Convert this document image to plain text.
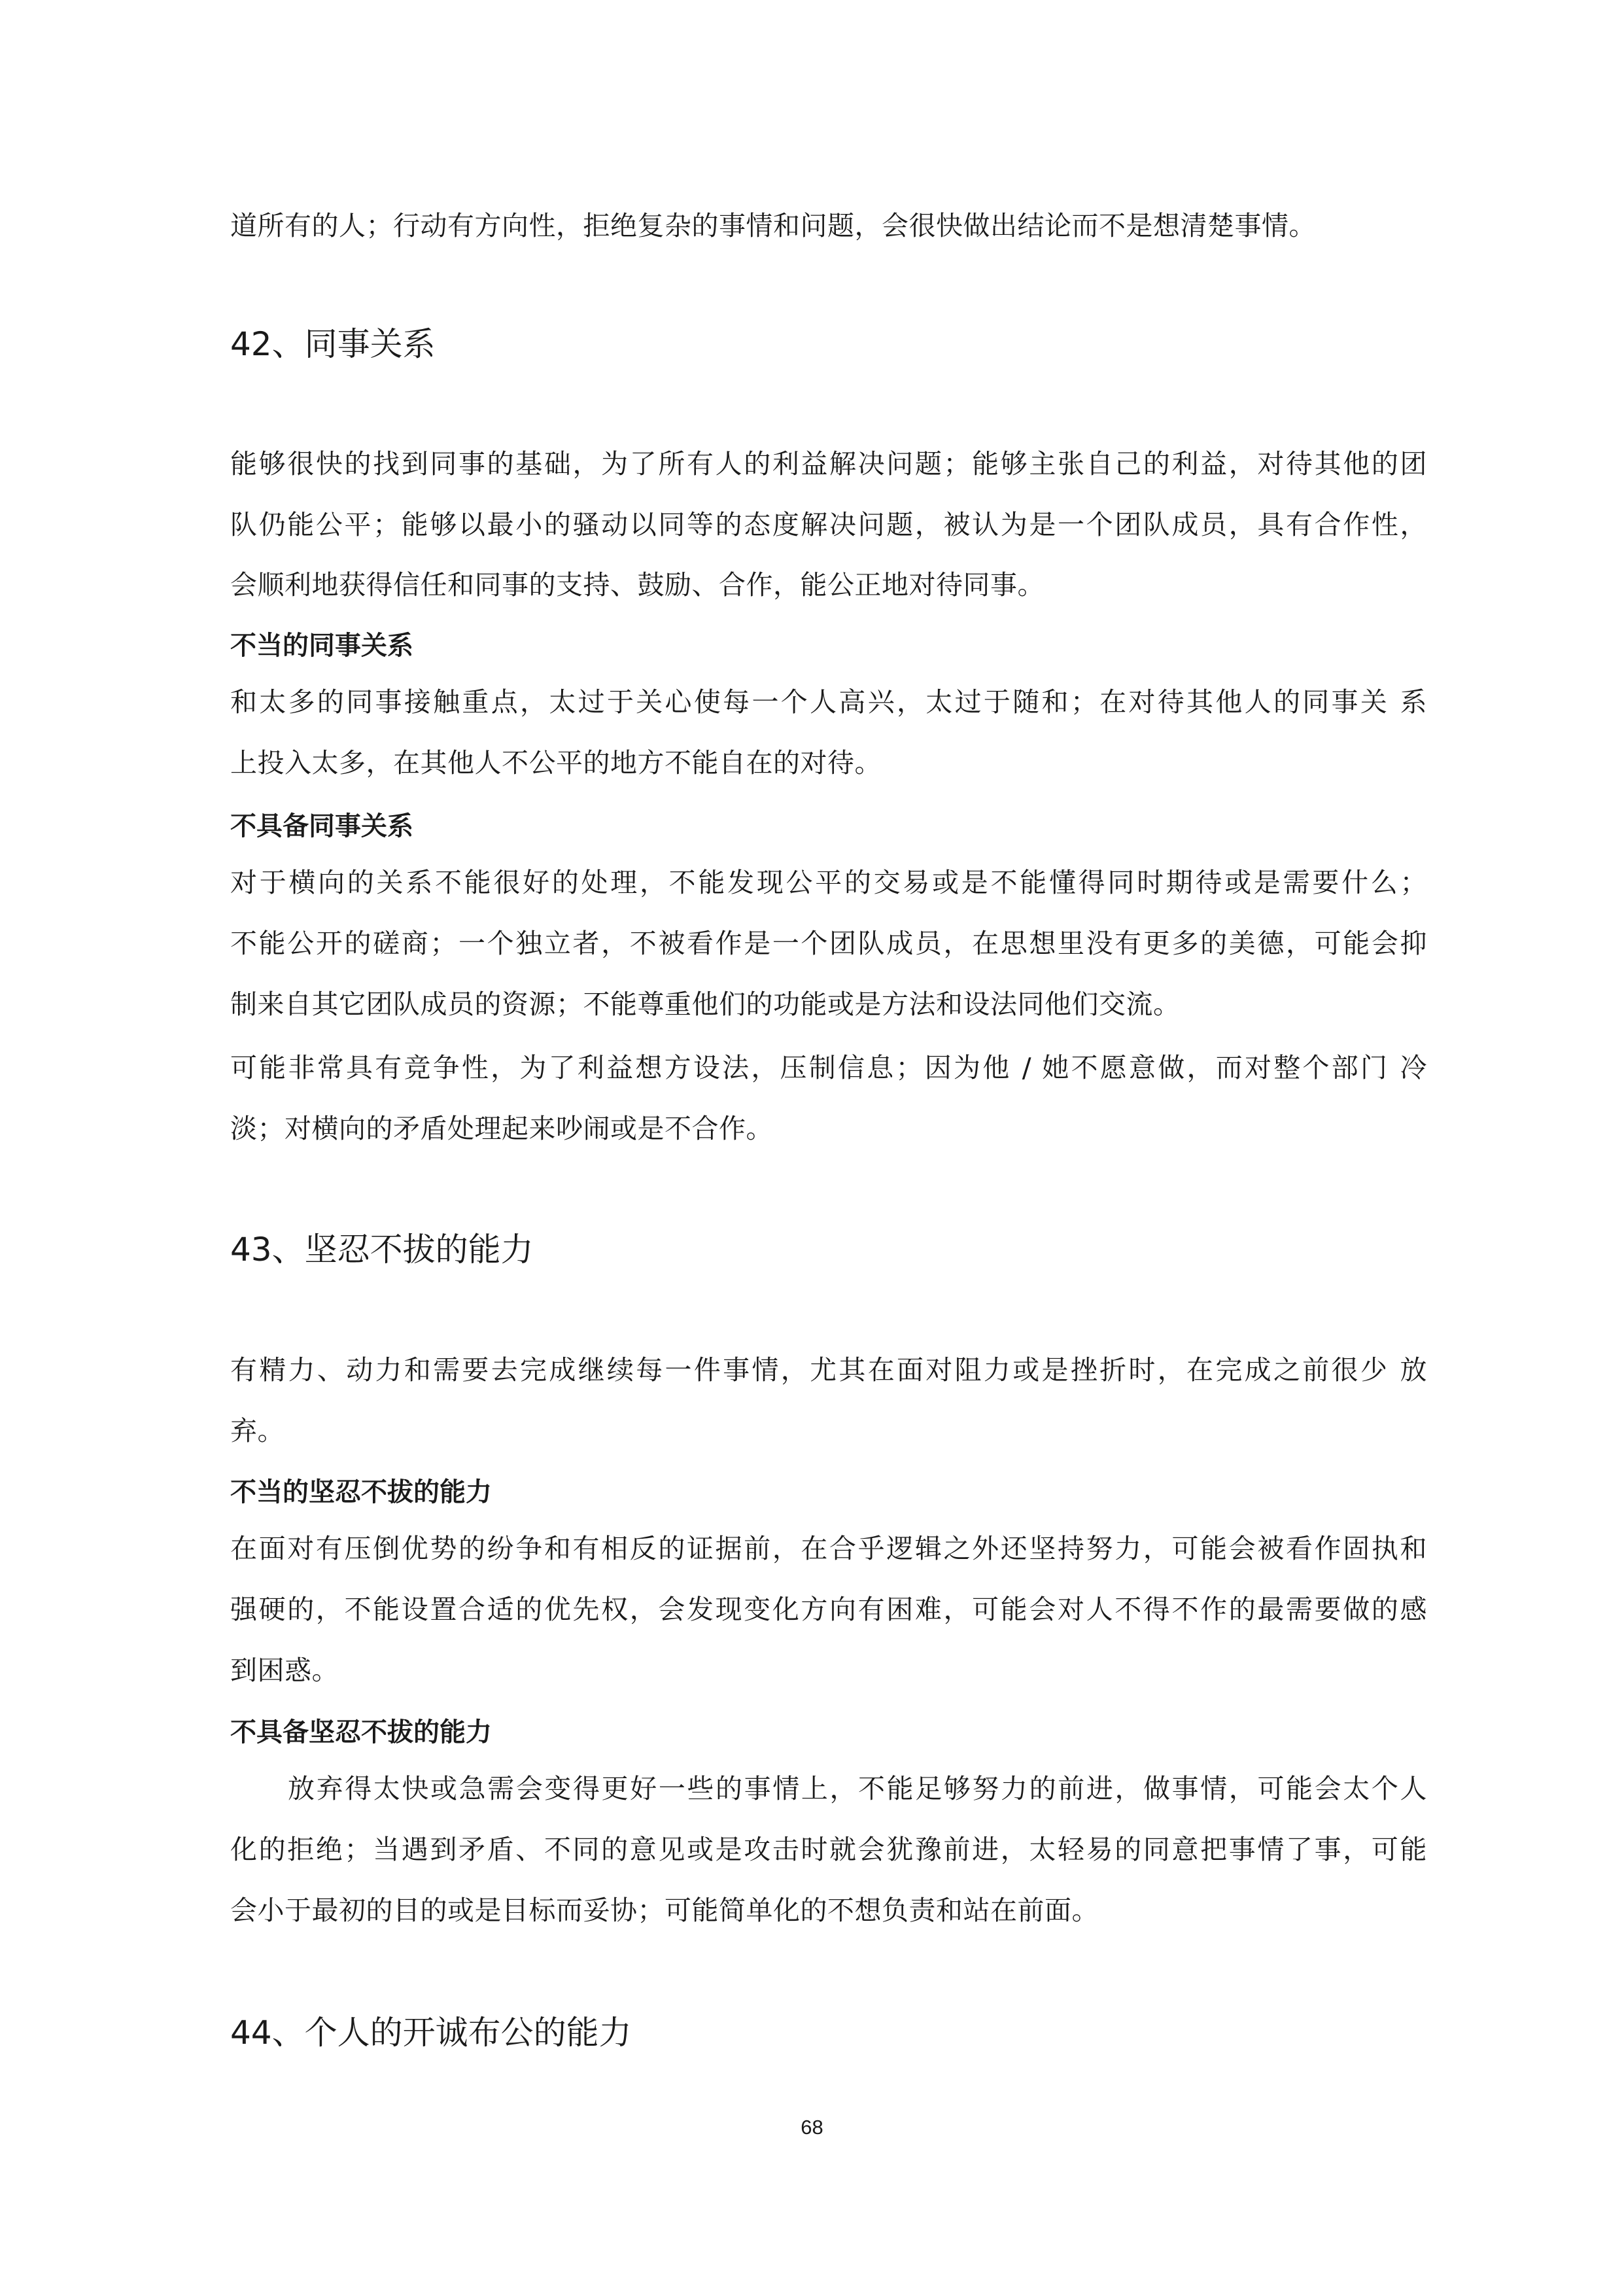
道所有的人；行动有方向性，拒绝复杂的事情和问题，会很快做出结论而不是想清楚事情。
42、同事关系
能够很快的找到同事的基础，为了所有人的利益解决问题；能够主张自己的利益，对待其他的团
队仍能公平；能够以最小的骚动以同等的态度解决问题，被认为是一个团队成员，具有合作性，
会顺利地获得信任和同事的支持、鼓励、合作，能公正地对待同事。
不当的同事关系
和太多的同事接触重点，太过于关心使每一个人高兴，太过于随和；在对待其他人的同事关 系
上投入太多，在其他人不公平的地方不能自在的对待。
不具备同事关系
对于横向的关系不能很好的处理，不能发现公平的交易或是不能懂得同时期待或是需要什么；
不能公开的磋商；一个独立者，不被看作是一个团队成员，在思想里没有更多的美德，可能会抑
制来自其它团队成员的资源；不能尊重他们的功能或是方法和设法同他们交流。
可能非常具有竞争性，为了利益想方设法，压制信息；因为他 / 她不愿意做，而对整个部门 冷
淡；对横向的矛盾处理起来吵闹或是不合作。
43、坚忍不拔的能力
有精力、动力和需要去完成继续每一件事情，尤其在面对阻力或是挫折时，在完成之前很少 放
弃。
不当的坚忍不拔的能力
在面对有压倒优势的纷争和有相反的证据前，在合乎逻辑之外还坚持努力，可能会被看作固执和
强硬的，不能设置合适的优先权，会发现变化方向有困难，可能会对人不得不作的最需要做的感
到困惑。
不具备坚忍不拔的能力
放弃得太快或急需会变得更好一些的事情上，不能足够努力的前进，做事情，可能会太个人
化的拒绝；当遇到矛盾、不同的意见或是攻击时就会犹豫前进，太轻易的同意把事情了事，可能
会小于最初的目的或是目标而妥协；可能简单化的不想负责和站在前面。
44、个人的开诚布公的能力
68
